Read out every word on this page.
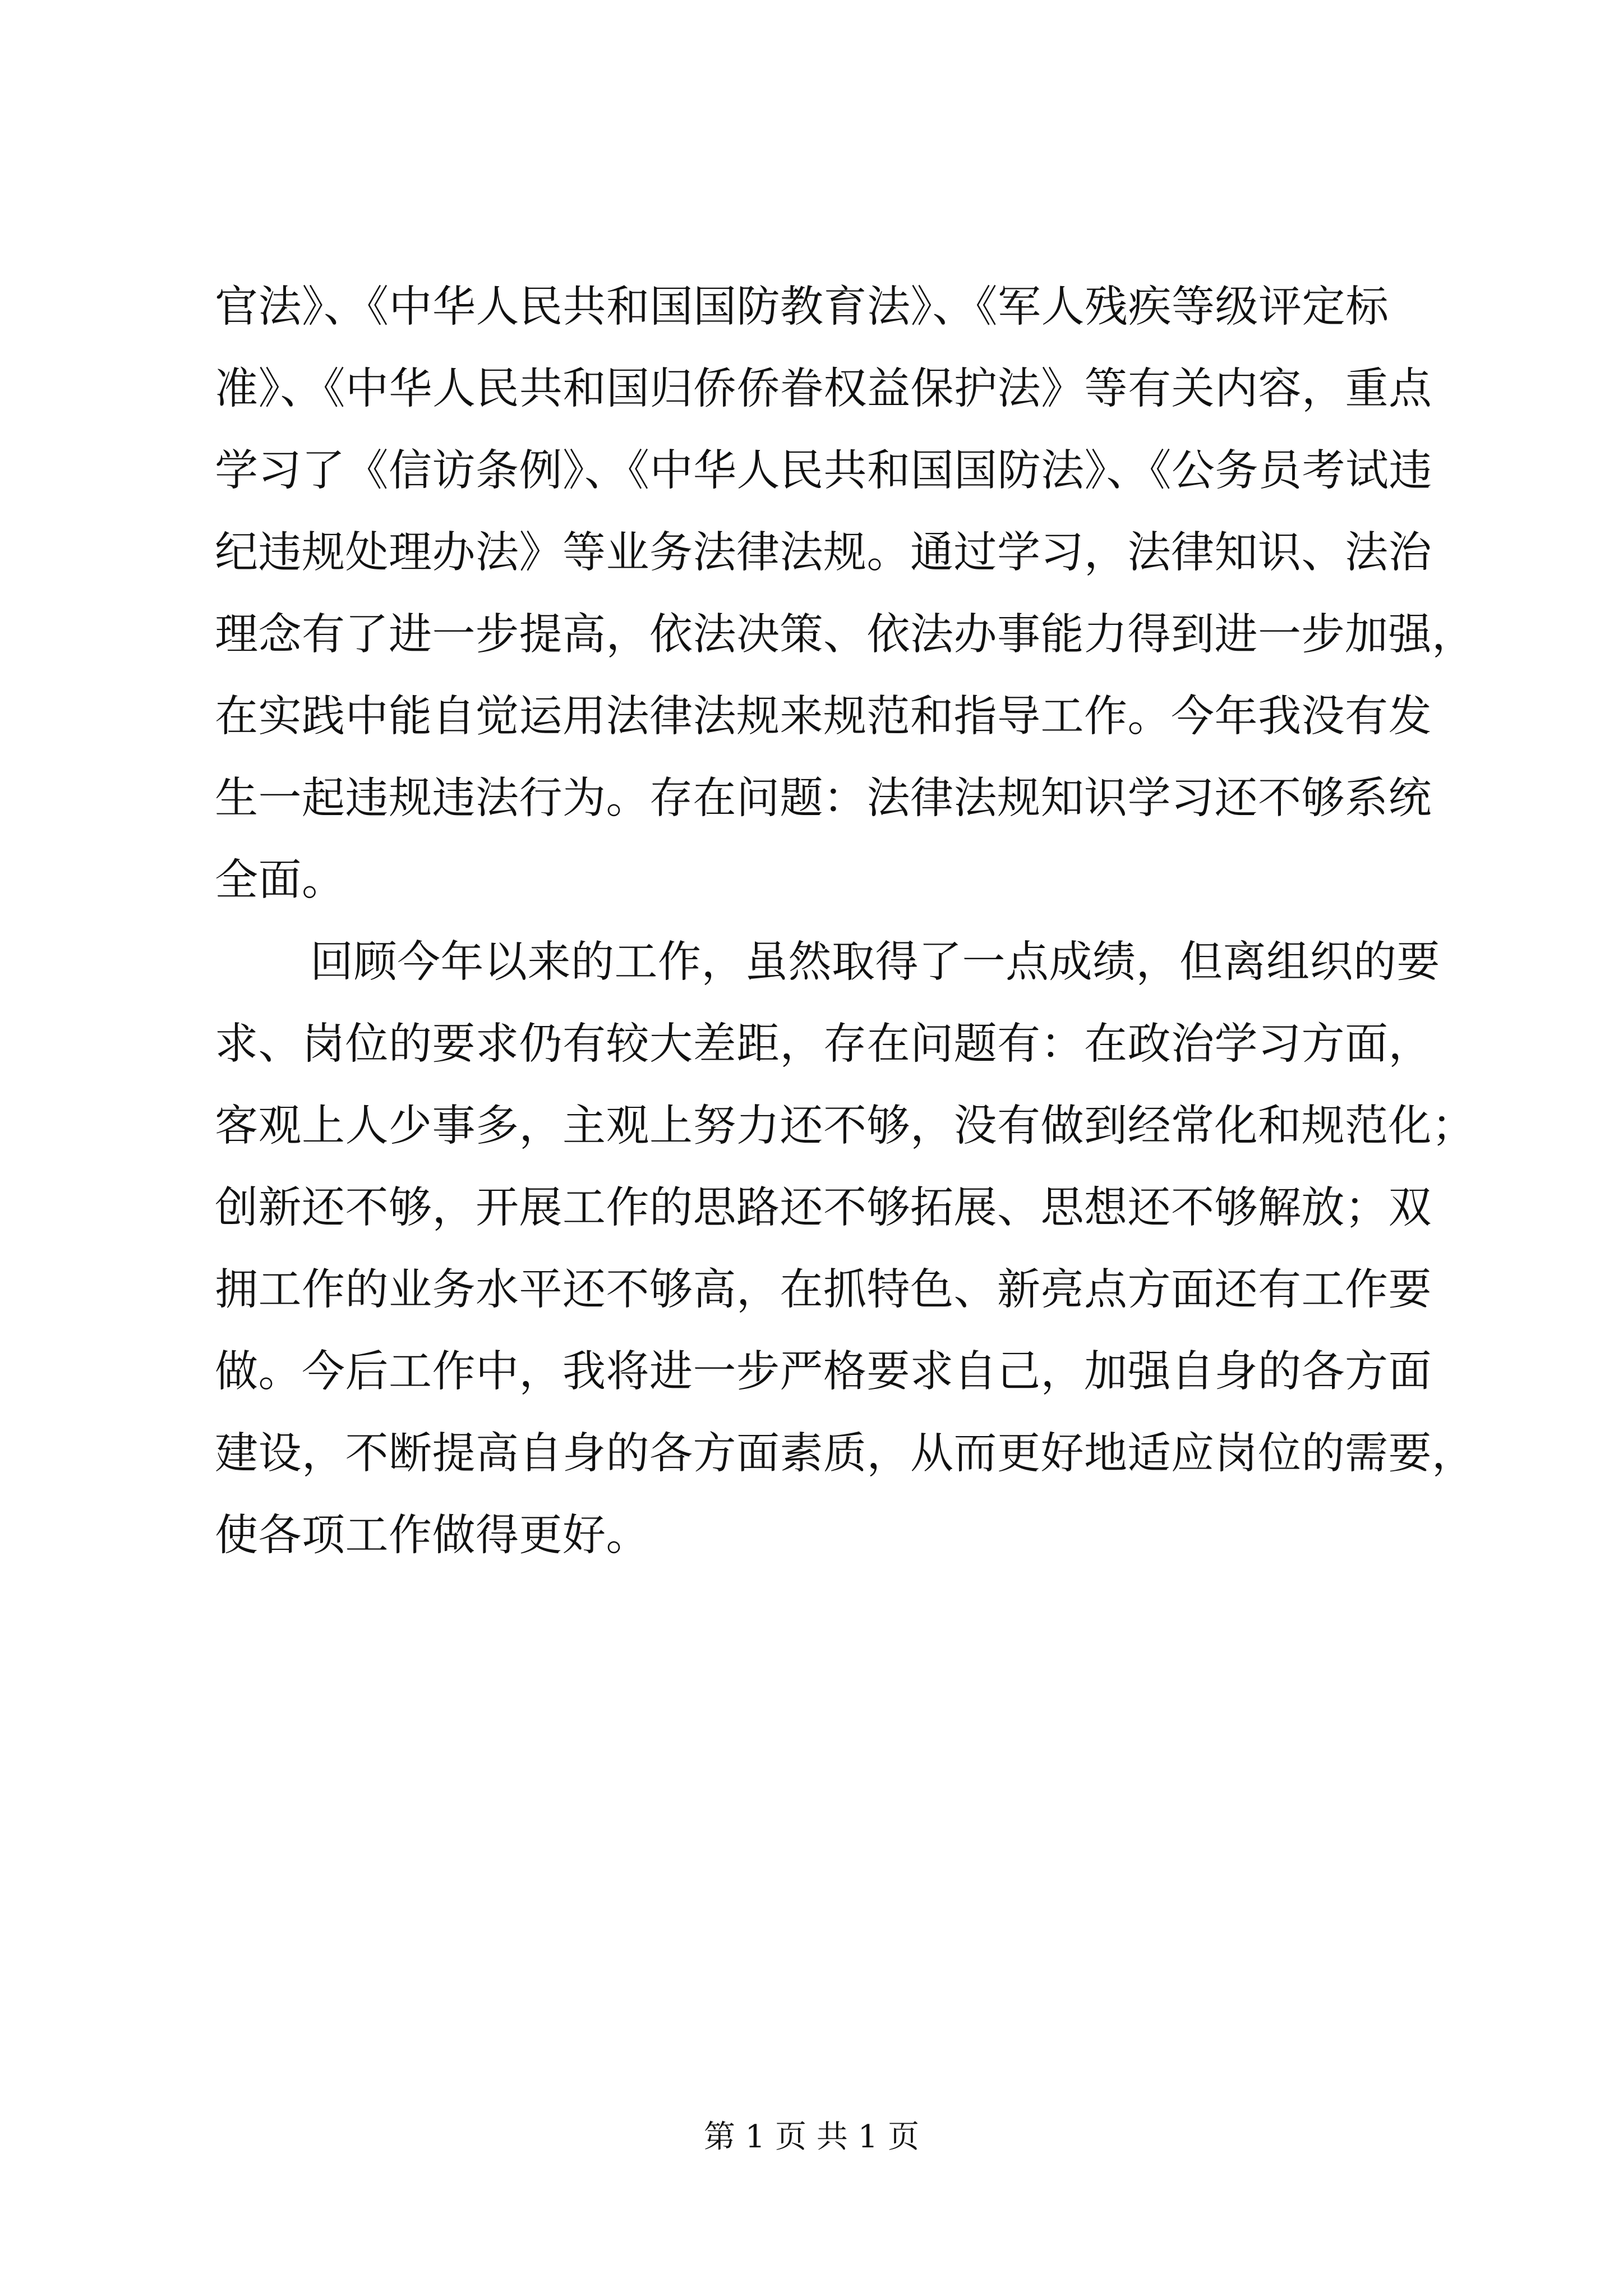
官法》、《中华人民共和国国防教育法》、《军人残疾等级评定标
准》、《中华人民共和国归侨侨眷权益保护法》等有关内容，重点
学习了《信访条例》、《中华人民共和国国防法》、《公务员考试违
纪违规处理办法》等业务法律法规。通过学习，法律知识、法治
理念有了进一步提高，依法决策、依法办事能力得到进一步加强，
在实践中能自觉运用法律法规来规范和指导工作。今年我没有发
生一起违规违法行为。存在问题：法律法规知识学习还不够系统
全面。
回顾今年以来的工作，虽然取得了一点成绩，但离组织的要
求、岗位的要求仍有较大差距，存在问题有：在政治学习方面，
客观上人少事多，主观上努力还不够，没有做到经常化和规范化；
创新还不够，开展工作的思路还不够拓展、思想还不够解放；双
拥工作的业务水平还不够高，在抓特色、新亮点方面还有工作要
做。今后工作中，我将进一步严格要求自己，加强自身的各方面
建设，不断提高自身的各方面素质，从而更好地适应岗位的需要，
使各项工作做得更好。
第 1 页 共 1 页
